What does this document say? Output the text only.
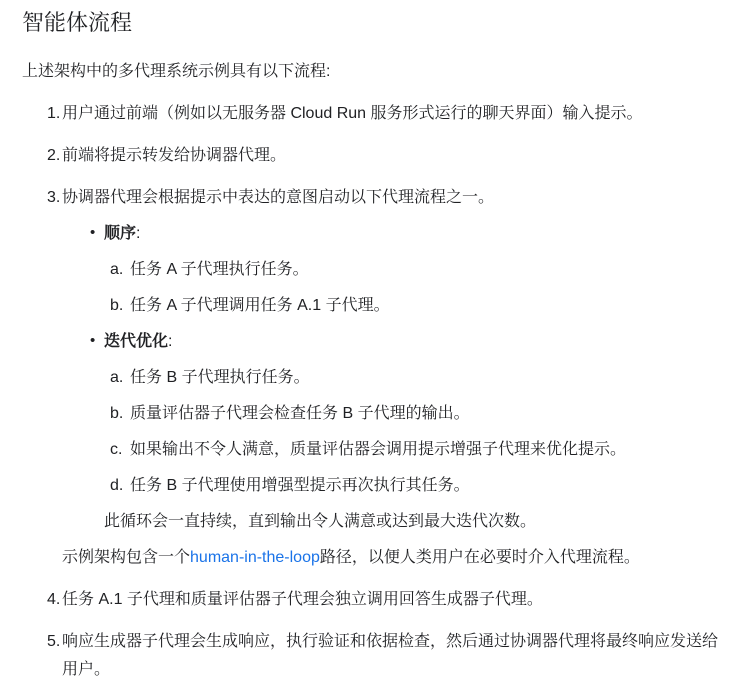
智能体流程

上述架构中的多代理系统示例具有以下流程:

1. 用户通过前端（例如以无服务器 Cloud Run 服务形式运行的聊天界面）输入提示。
2. 前端将提示转发给协调器代理。
3. 协调器代理会根据提示中表达的意图启动以下代理流程之一。
• 顺序:
a. 任务 A 子代理执行任务。
b. 任务 A 子代理调用任务 A.1 子代理。
• 迭代优化:
a. 任务 B 子代理执行任务。
b. 质量评估器子代理会检查任务 B 子代理的输出。
c. 如果输出不令人满意，质量评估器会调用提示增强子代理来优化提示。
d. 任务 B 子代理使用增强型提示再次执行其任务。
此循环会一直持续，直到输出令人满意或达到最大迭代次数。
示例架构包含一个human-in-the-loop路径，以便人类用户在必要时介入代理流程。
4. 任务 A.1 子代理和质量评估器子代理会独立调用回答生成器子代理。
5. 响应生成器子代理会生成响应，执行验证和依据检查，然后通过协调器代理将最终响应发送给用户。
